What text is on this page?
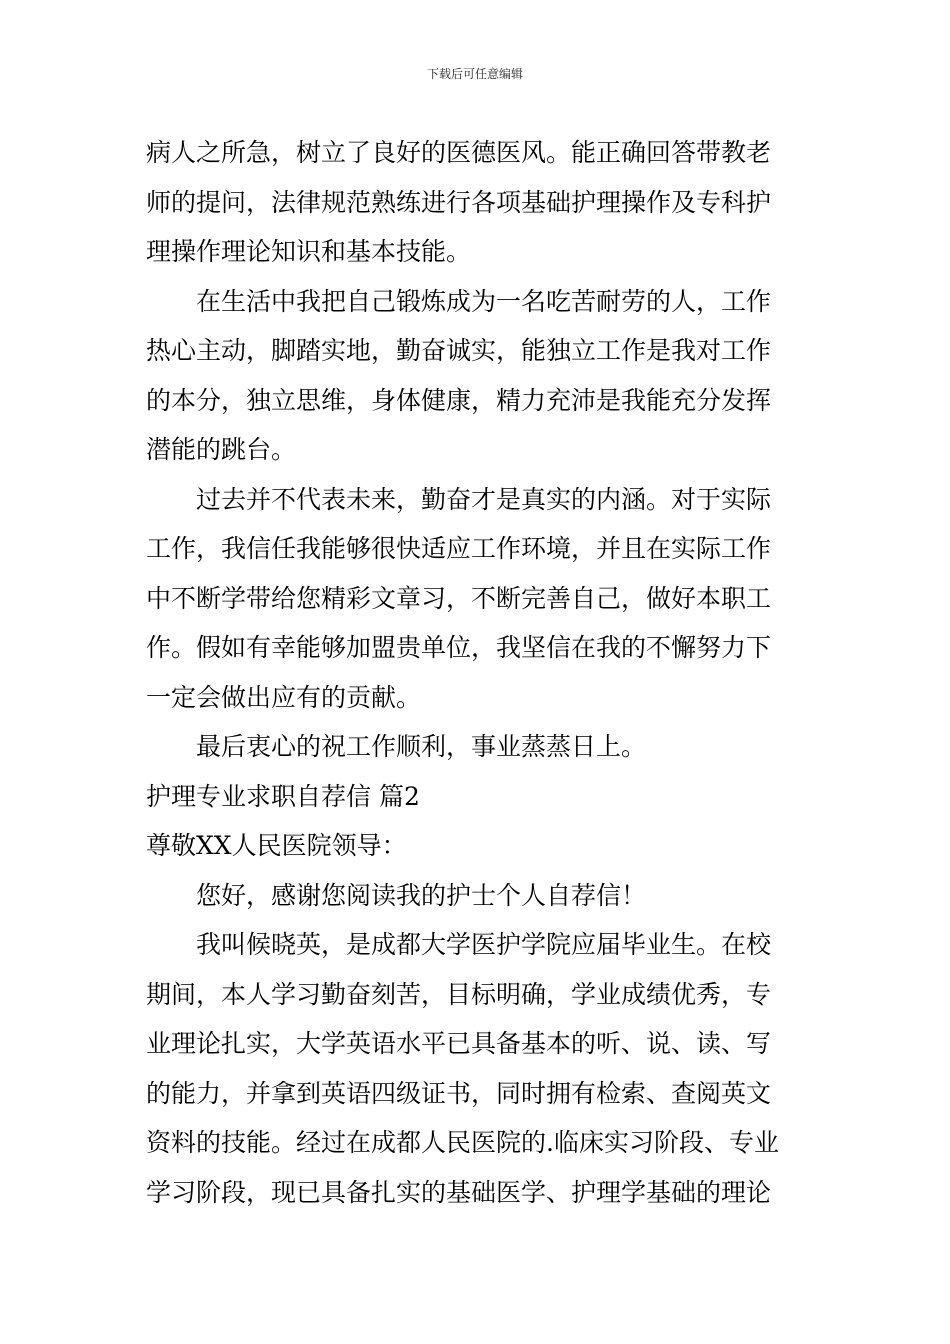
下载后可任意编辑
病人之所急，树立了良好的医德医风。能正确回答带教老
师的提问，法律规范熟练进行各项基础护理操作及专科护
理操作理论知识和基本技能。
在生活中我把自己锻炼成为一名吃苦耐劳的人，工作
热心主动，脚踏实地，勤奋诚实，能独立工作是我对工作
的本分，独立思维，身体健康，精力充沛是我能充分发挥
潜能的跳台。
过去并不代表未来，勤奋才是真实的内涵。对于实际
工作，我信任我能够很快适应工作环境，并且在实际工作
中不断学带给您精彩文章习，不断完善自己，做好本职工
作。假如有幸能够加盟贵单位，我坚信在我的不懈努力下
一定会做出应有的贡献。
最后衷心的祝工作顺利，事业蒸蒸日上。
护理专业求职自荐信 篇2
尊敬XX人民医院领导：
您好，感谢您阅读我的护士个人自荐信！
我叫候晓英，是成都大学医护学院应届毕业生。在校
期间，本人学习勤奋刻苦，目标明确，学业成绩优秀，专
业理论扎实，大学英语水平已具备基本的听、说、读、写
的能力，并拿到英语四级证书，同时拥有检索、查阅英文
资料的技能。经过在成都人民医院的.临床实习阶段、专业
学习阶段，现已具备扎实的基础医学、护理学基础的理论
